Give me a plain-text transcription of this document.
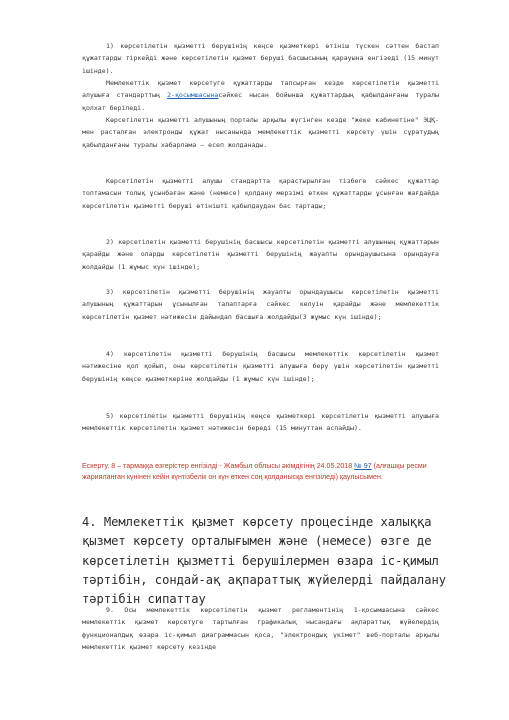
1) көрсетілетін қызметті берушінің кеңсе қызметкері өтініш түскен сәттен бастап құжаттарды тіркейді және көрсетілетін қызмет беруші басшысының қарауына енгізеді (15 минут ішінде).

Мемлекеттік қызмет көрсетуге құжаттарды тапсырған кезде көрсетілетін қызметті алушыға стандарттың 2-қосымшасынасәйкес нысан бойынша құжаттардың қабылданғаны туралы қолхат беріледі.

Көрсетілетін қызметті алушының порталы арқылы жүгінген кезде "жеке кабинетіне" ЭЦҚ-мен расталған электронды құжат нысанында мемлекеттік қызметті көрсету үшін сұратудың қабылданғаны туралы хабарлама – есеп жолданады.

Көрсетілетін қызметті алушы стандартта қарастырылған тізбеге сәйкес құжаттар топтамасын толық ұсынбаған және (немесе) қолдану мерзімі өткен құжаттарды ұсынған жағдайда көрсетілетін қызметті беруші өтінішті қабылдаудан бас тартады;

2) көрсетілетін қызметті берушінің басшысы көрсетілетін қызметті алушының құжаттарын қарайды және оларды көрсетілетін қызметті берушінің жауапты орындаушысына орындауға жолдайды (1 жұмыс күн ішінде);

3) көрсетілетін қызметті берушінің жауапты орындаушысы көрсетілетін қызметті алушының құжаттарын ұсынылған талаптарға сәйкес келуін қарайды және мемлекеттік көрсетілетін қызмет нәтижесін дайындап басшыға жолдайды(3 жұмыс күн ішінде);

4) көрсетілетін қызметті берушінің басшысы мемлекеттік көрсетілетін қызмет нәтижесіне қол қойып, оны көрсетілетін қызметті алушыға беру үшін көрсетілетін қызметті берушінің кеңсе қызметкеріне жолдайды (1 жұмыс күн ішінде);

5) көрсетілетін қызметті берушінің кеңсе қызметкері көрсетілетін қызметті алушыға мемлекеттік көрсетілетін қызмет нәтижесін береді (15 минуттан аспайды).

Ескерту. 8 – тармаққа өзгерістер енгізілді - Жамбыл облысы әкімдігінің 24.05.2018 № 97 (алғашқы ресми жарияланған күнінен кейін күнтізбелік он күн өткен соң қолданысқа енгізіледі) қаулысымен.

4. Мемлекеттік қызмет көрсету процесінде халыққа қызмет көрсету орталығымен және (немесе) өзге де көрсетілетін қызметті берушілермен өзара іс-қимыл тәртібін, сондай-ақ ақпараттық жүйелерді пайдалану тәртібін сипаттау

9. Осы мемлекеттік көрсетілетін қызмет регламентінің 1-қосымшасына сәйкес мемлекеттік қызмет көрсетуге тартылған графикалық нысандағы ақпараттық жүйелердің функционалдық өзара іс-қимыл диаграммасын қоса, "электрондық үкімет" веб-порталы арқылы мемлекеттік қызмет көрсету кезінде
